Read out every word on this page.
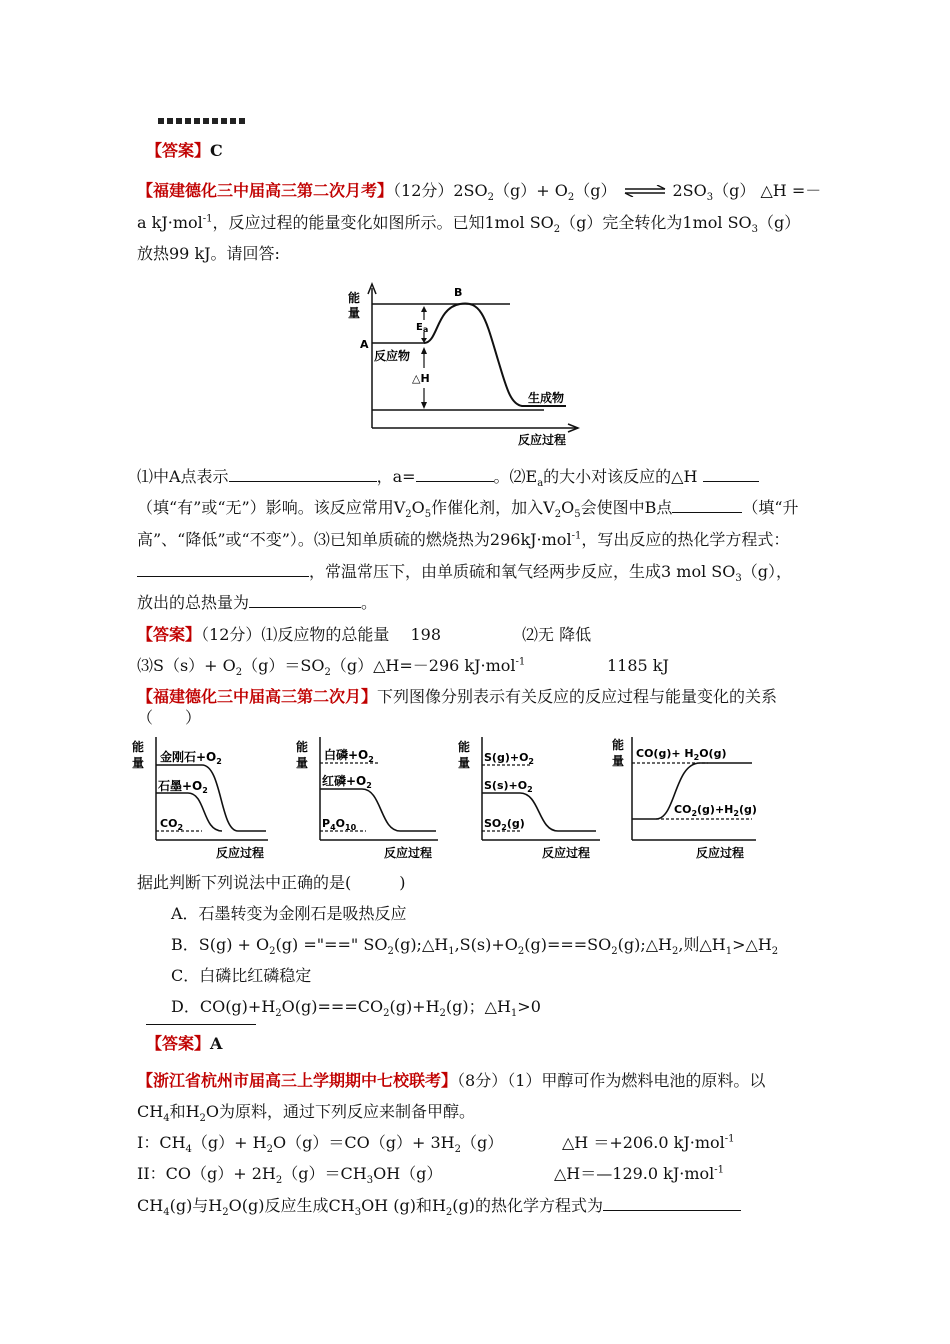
【答案】C
【福建德化三中届高三第二次月考】（12分）$2SO_2(g)+ O_2(g)$ ⇌ $2SO_3(g)$ △H =－
a kJ·mol$^{-1}$，反应过程的能量变化如图所示。已知1mol $SO_2(g)$完全转化为1mol $SO_3(g)$
放热99 kJ。请回答:
能
量
A
B
$E_a$
反应物
△H
生成物
反应过程
⑴中A点表示	，a=	。$⑵E_a$的大小对该反应的△H
（填“有”或“无”）影响。该反应常用$V_2O_5$作催化剂，加入$V_2O_5$会使图中B点	（填“升
高”、“降低”或“不变”）。⑶已知单质硫的燃烧热为296kJ·mol$^{-1}$，写出反应的热化学方程式：
，常温常压下，由单质硫和氧气经两步反应，生成3 mol $SO_3(g)$，
放出的总热量为	。
【答案】（12分）⑴反应物的总能量　 198	⑵无 降低
⑶S（s）+ $O_2(g)=SO_2(g)\triangle H=-296$ kJ·mol$^{-1}$	1185 kJ
【福建德化三中届高三第二次月】下列图像分别表示有关反应的反应过程与能量变化的关系
（　　）
能
量 金刚石$+O_2$
石墨$+O_2$
$CO_2$
反应过程
能
量
白磷$+O_2$
红磷$+O_2$
$P_4O_{10}$
反应过程
能
量 $S(g)+O_2$
$S(s)+O_2$
$SO_2(g)$
反应过程
能
量
$CO(g)+ H_2O(g)$
$CO_2(g)+H_2(g)$
反应过程
据此判断下列说法中正确的是(　　　)
A．石墨转变为金刚石是吸热反应
B．$S(g) + O_2(g)$ ="==" $SO_2(g);\triangle H_1,S(s)+O_2(g)===SO_2(g);\triangle H_2$,则$\triangle H_1>\triangle H_2$
C．白磷比红磷稳定
D．$CO(g)+H_2O(g)===CO_2(g)+H_2(g)$；$\triangle H_1>0$
【答案】A
【浙江省杭州市届高三上学期期中七校联考】（8分）（1）甲醇可作为燃料电池的原料。以
$CH_4$和$H_2O$为原料，通过下列反应来制备甲醇。
I：$CH_4(g)+ H_2O(g)=CO(g)+ 3H_2(g)$	△H ＝+206.0 kJ·mol$^{-1}$
II：$CO(g)+ 2H_2(g)=CH_3OH(g)$	△H＝—129.0 kJ·mol$^{-1}$
$CH_4(g)$与$H_2O(g)$反应生成$CH_3OH$ (g)和$H_2(g)$的热化学方程式为
